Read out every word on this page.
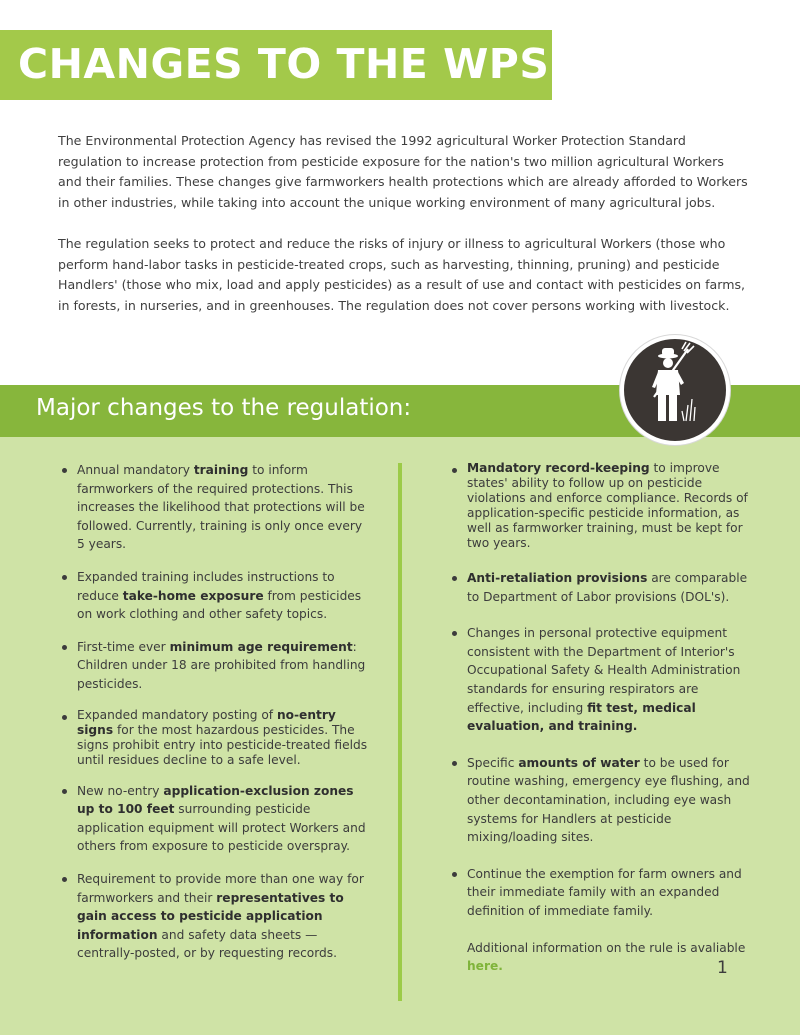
CHANGES TO THE WPS

The Environmental Protection Agency has revised the 1992 agricultural Worker Protection Standard regulation to increase protection from pesticide exposure for the nation's two million agricultural Workers and their families. These changes give farmworkers health protections which are already afforded to Workers in other industries, while taking into account the unique working environment of many agricultural jobs.

The regulation seeks to protect and reduce the risks of injury or illness to agricultural Workers (those who perform hand-labor tasks in pesticide-treated crops, such as harvesting, thinning, pruning) and pesticide Handlers' (those who mix, load and apply pesticides) as a result of use and contact with pesticides on farms, in forests, in nurseries, and in greenhouses. The regulation does not cover persons working with livestock.

Major changes to the regulation:
Annual mandatory training to inform farmworkers of the required protections. This increases the likelihood that protections will be followed. Currently, training is only once every 5 years.
Expanded training includes instructions to reduce take-home exposure from pesticides on work clothing and other safety topics.
First-time ever minimum age requirement: Children under 18 are prohibited from handling pesticides.
Expanded mandatory posting of no-entry signs for the most hazardous pesticides. The signs prohibit entry into pesticide-treated fields until residues decline to a safe level.
New no-entry application-exclusion zones up to 100 feet surrounding pesticide application equipment will protect Workers and others from exposure to pesticide overspray.
Requirement to provide more than one way for farmworkers and their representatives to gain access to pesticide application information and safety data sheets — centrally-posted, or by requesting records.
Mandatory record-keeping to improve states' ability to follow up on pesticide violations and enforce compliance. Records of application-specific pesticide information, as well as farmworker training, must be kept for two years.
Anti-retaliation provisions are comparable to Department of Labor provisions (DOL's).
Changes in personal protective equipment consistent with the Department of Interior's Occupational Safety & Health Administration standards for ensuring respirators are effective, including fit test, medical evaluation, and training.
Specific amounts of water to be used for routine washing, emergency eye flushing, and other decontamination, including eye wash systems for Handlers at pesticide mixing/loading sites.
Continue the exemption for farm owners and their immediate family with an expanded definition of immediate family.
Additional information on the rule is avaliable here.	1
